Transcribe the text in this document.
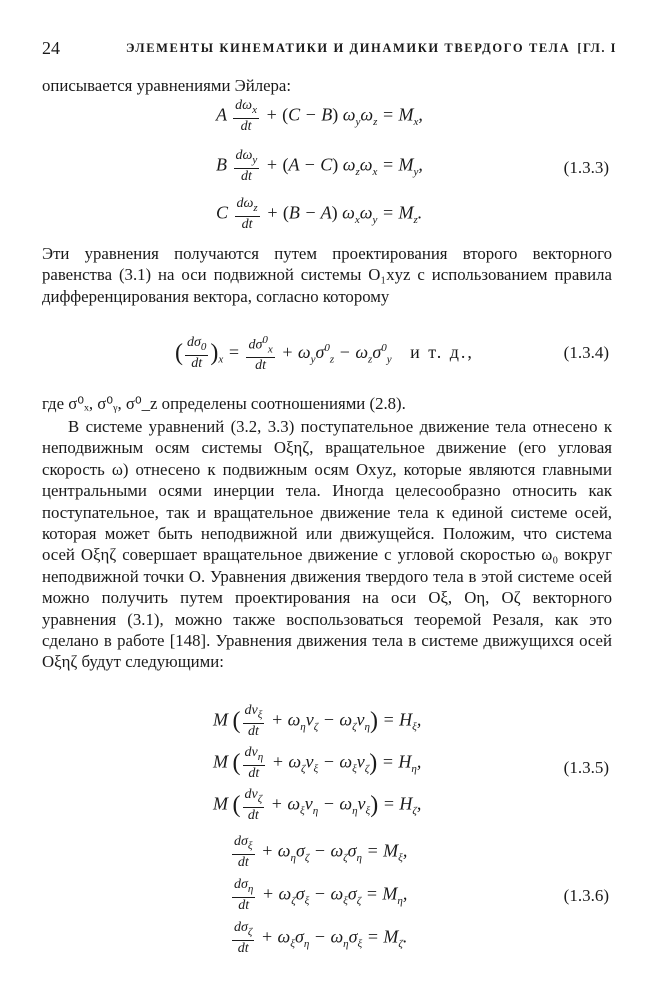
24	ЭЛЕМЕНТЫ КИНЕМАТИКИ И ДИНАМИКИ ТВЕРДОГО ТЕЛА [ГЛ. I
описывается уравнениями Эйлера:
A $\frac{d\omega_x}{dt} + (C - B) \omega_y\omega_z = M_x$,
B $\frac{d\omega_y}{dt} + (A - C) \omega_z\omega_x = M_y$,
C $\frac{d\omega_z}{dt} + (B - A) \omega_x\omega_y = M_z$.
(1.3.3)
Эти уравнения получаются путем проектирования второго векторного равенства (3.1) на оси подвижной системы O₁xyz с использованием правила дифференцирования вектора, согласно которому
( $\frac{d\sigma_0}{dt} )_x = \frac{d\sigma^0_x}{dt} + \omega_y\sigma^0_z - \omega_z\sigma^0_y$ и т. д.,	(1.3.4)
где σ⁰ₓ, σ⁰ᵧ, σ⁰_z определены соотношениями (2.8).
В системе уравнений (3.2, 3.3) поступательное движение тела отнесено к неподвижным осям системы Oξηζ, вращательное движение (его угловая скорость ω) отнесено к подвижным осям Oxyz, которые являются главными центральными осями инерции тела. Иногда целесообразно относить как поступательное, так и вращательное движение тела к единой системе осей, которая может быть неподвижной или движущейся. Положим, что система осей Oξηζ совершает вращательное движение с угловой скоростью ω₀ вокруг неподвижной точки O. Уравнения движения твердого тела в этой системе осей можно получить путем проектирования на оси Oξ, Oη, Oζ векторного уравнения (3.1), можно также воспользоваться теоремой Резаля, как это сделано в работе [148]. Уравнения движения тела в системе движущихся осей Oξηζ будут следующими:
M ( $\frac{dv_\xi}{dt} + \omega_\eta v_\zeta - \omega_\zeta v_\eta) = H_\xi$,
M ( $\frac{dv_\eta}{dt} + \omega_\zeta v_\xi - \omega_\xi v_\zeta) = H_\eta$,
M ( $\frac{dv_\zeta}{dt} + \omega_\xi v_\eta - \omega_\eta v_\xi) = H_\zeta$,
(1.3.5)
$\frac{d\sigma_\xi}{dt} + \omega_\eta\sigma_\zeta - \omega_\zeta\sigma_\eta = M_\xi$,
$\frac{d\sigma_\eta}{dt} + \omega_\zeta\sigma_\xi - \omega_\xi\sigma_\zeta = M_\eta$,
$\frac{d\sigma_\zeta}{dt} + \omega_\xi\sigma_\eta - \omega_\eta\sigma_\xi = M_\zeta$.
(1.3.6)
